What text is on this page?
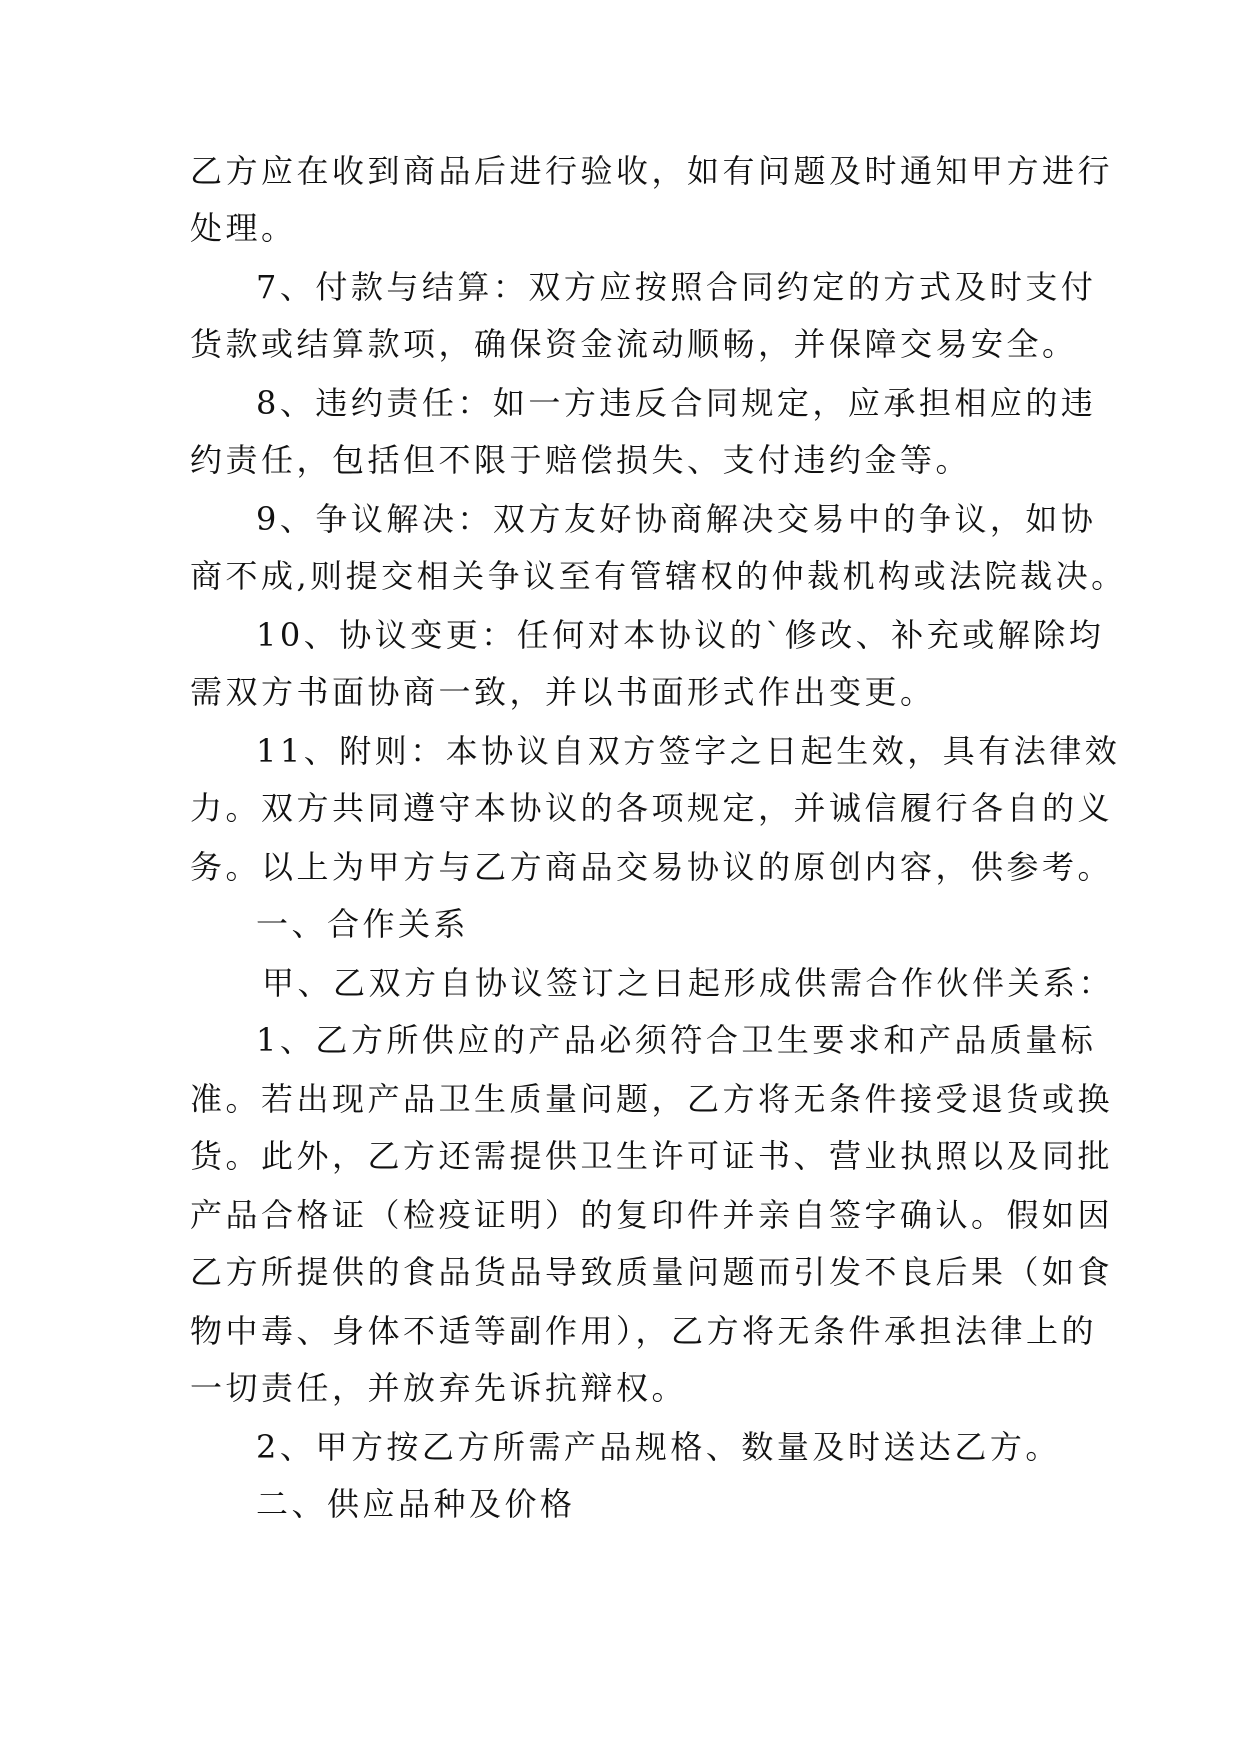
乙方应在收到商品后进行验收，如有问题及时通知甲方进行

处理。

7、付款与结算：双方应按照合同约定的方式及时支付

货款或结算款项，确保资金流动顺畅，并保障交易安全。

8、违约责任：如一方违反合同规定，应承担相应的违

约责任，包括但不限于赔偿损失、支付违约金等。

9、争议解决：双方友好协商解决交易中的争议，如协

商不成,则提交相关争议至有管辖权的仲裁机构或法院裁决。

10、协议变更：任何对本协议的`修改、补充或解除均

需双方书面协商一致，并以书面形式作出变更。

11、附则：本协议自双方签字之日起生效，具有法律效

力。双方共同遵守本协议的各项规定，并诚信履行各自的义

务。以上为甲方与乙方商品交易协议的原创内容，供参考。

一、合作关系

甲、乙双方自协议签订之日起形成供需合作伙伴关系：

1、乙方所供应的产品必须符合卫生要求和产品质量标

准。若出现产品卫生质量问题，乙方将无条件接受退货或换

货。此外，乙方还需提供卫生许可证书、营业执照以及同批

产品合格证（检疫证明）的复印件并亲自签字确认。假如因

乙方所提供的食品货品导致质量问题而引发不良后果（如食

物中毒、身体不适等副作用），乙方将无条件承担法律上的

一切责任，并放弃先诉抗辩权。

2、甲方按乙方所需产品规格、数量及时送达乙方。

二、供应品种及价格
